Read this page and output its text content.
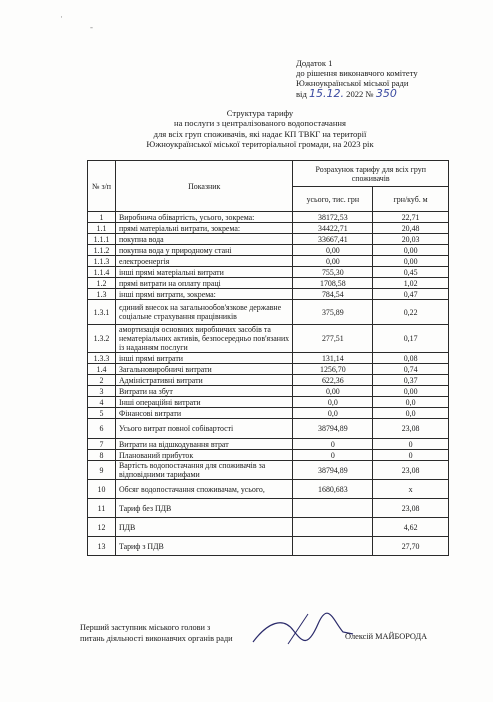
·
-
Додаток 1
до рішення виконавчого комітету
Южноукраїнської міської ради
від 15.12. 2022 № 350
Структура тарифу
на послуги з централізованого водопостачання
для всіх груп споживачів, які надає КП ТВКГ на території
Южноукраїнської міської територіальної громади, на 2023 рік
№ з/п	Показник	Розрахунок тарифу для всіх груп споживачів	
		усього, тис. грн	грн/куб. м
1	Виробнича обівартість, усього, зокрема:	38172,53	22,71
1.1	прямі матеріальні витрати, зокрема:	34422,71	20,48
1.1.1	покупна вода	33667,41	20,03
1.1.2	покупна вода у природному стані	0,00	0,00
1.1.3	електроенергія	0,00	0,00
1.1.4	інші прямі матеріальні витрати	755,30	0,45
1.2	прямі витрати на оплату праці	1708,58	1,02
1.3	інші прямі витрати, зокрема:	784,54	0,47
1.3.1	єдиний внесок на загальнообов'язкове державне соціальне страхування працівників	375,89	0,22
1.3.2	амортизація основних виробничих засобів та нематеріальних активів, безпосередньо пов'язаних із наданням послуги	277,51	0,17
1.3.3	інші прямі витрати	131,14	0,08
1.4	Загальновиробничі витрати	1256,70	0,74
2	Адміністративні витрати	622,36	0,37
3	Витрати на збут	0,00	0,00
4	Інші операційні витрати	0,0	0,0
5	Фінансові витрати	0,0	0,0
6	Усього витрат повної собівартості	38794,89	23,08
7	Витрати на відшкодування втрат	0	0
8	Планований прибуток	0	0
9	Вартість водопостачання для споживачів за відповідними тарифами	38794,89	23,08
10	Обсяг водопостачання споживачам, усього,	1680,683	х
11	Тариф без ПДВ		23,08
12	ПДВ		4,62
13	Тариф з ПДВ		27,70
Перший заступник міського голови з
питань діяльності виконавчих органів ради	Олексій МАЙБОРОДА
